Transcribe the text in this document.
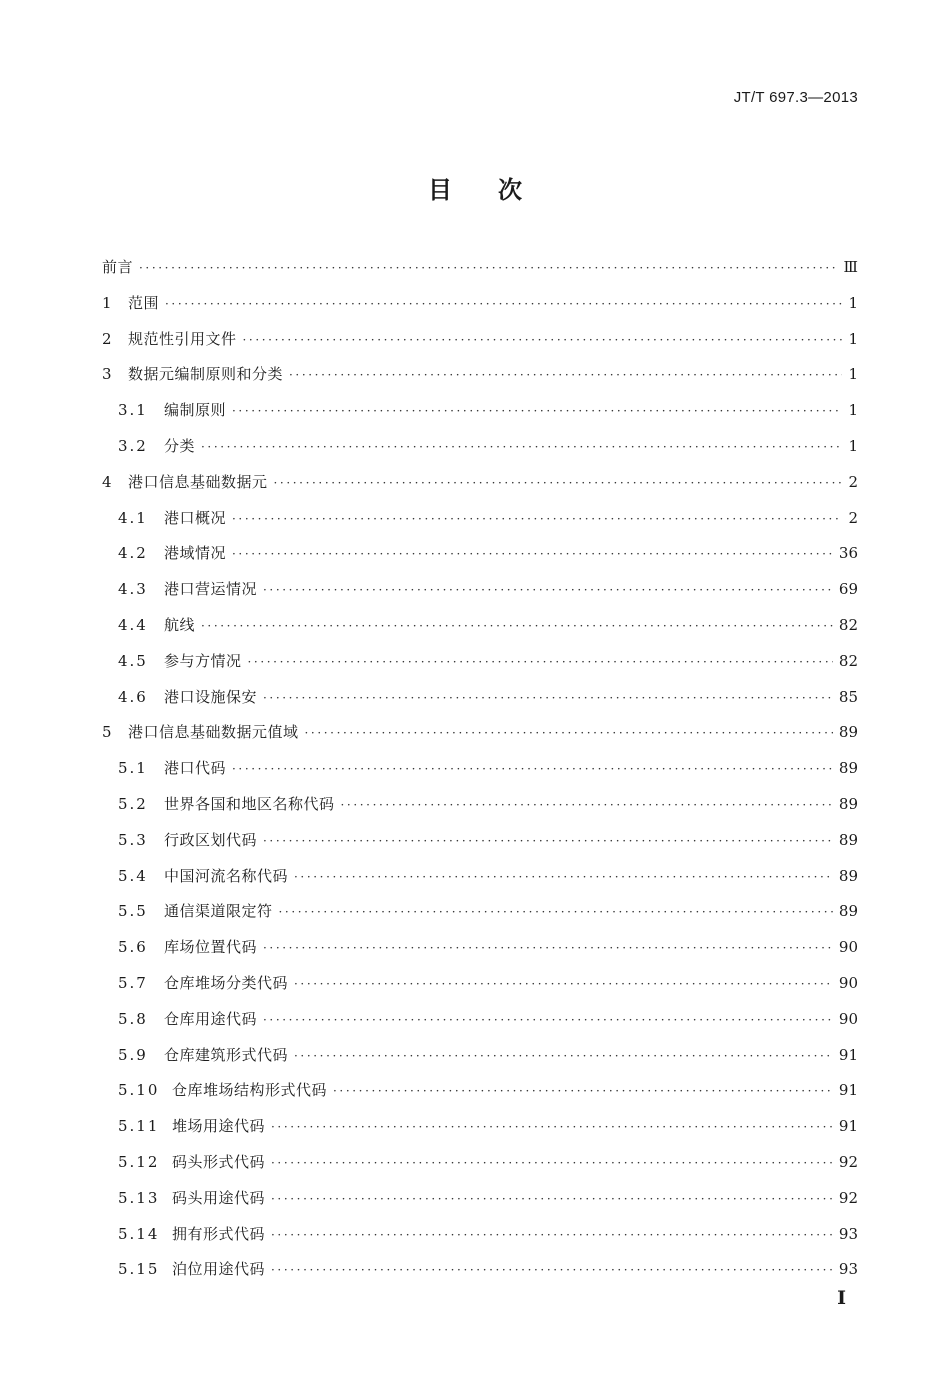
JT/T 697.3—2013
目次
前言 ·····	Ⅲ
1 范围 ·····	1
2 规范性引用文件 ·····	1
3 数据元编制原则和分类 ·····	1
3.1	编制原则 ·····	1
3.2	分类 ·····	1
4 港口信息基础数据元 ·····	2
4.1	港口概况 ·····	2
4.2	港域情况 ·····	36
4.3	港口营运情况 ·····	69
4.4	航线 ·····	82
4.5	参与方情况 ·····	82
4.6	港口设施保安 ·····	85
5 港口信息基础数据元值域 ·····	89
5.1	港口代码 ·····	89
5.2	世界各国和地区名称代码 ·····	89
5.3	行政区划代码 ·····	89
5.4	中国河流名称代码 ·····	89
5.5	通信渠道限定符 ·····	89
5.6	库场位置代码 ·····	90
5.7	仓库堆场分类代码 ·····	90
5.8	仓库用途代码 ·····	90
5.9	仓库建筑形式代码 ·····	91
5.10 仓库堆场结构形式代码 ·····	91
5.11 堆场用途代码 ·····	91
5.12 码头形式代码 ·····	92
5.13 码头用途代码 ·····	92
5.14 拥有形式代码 ·····	93
5.15 泊位用途代码 ·····	93
I
